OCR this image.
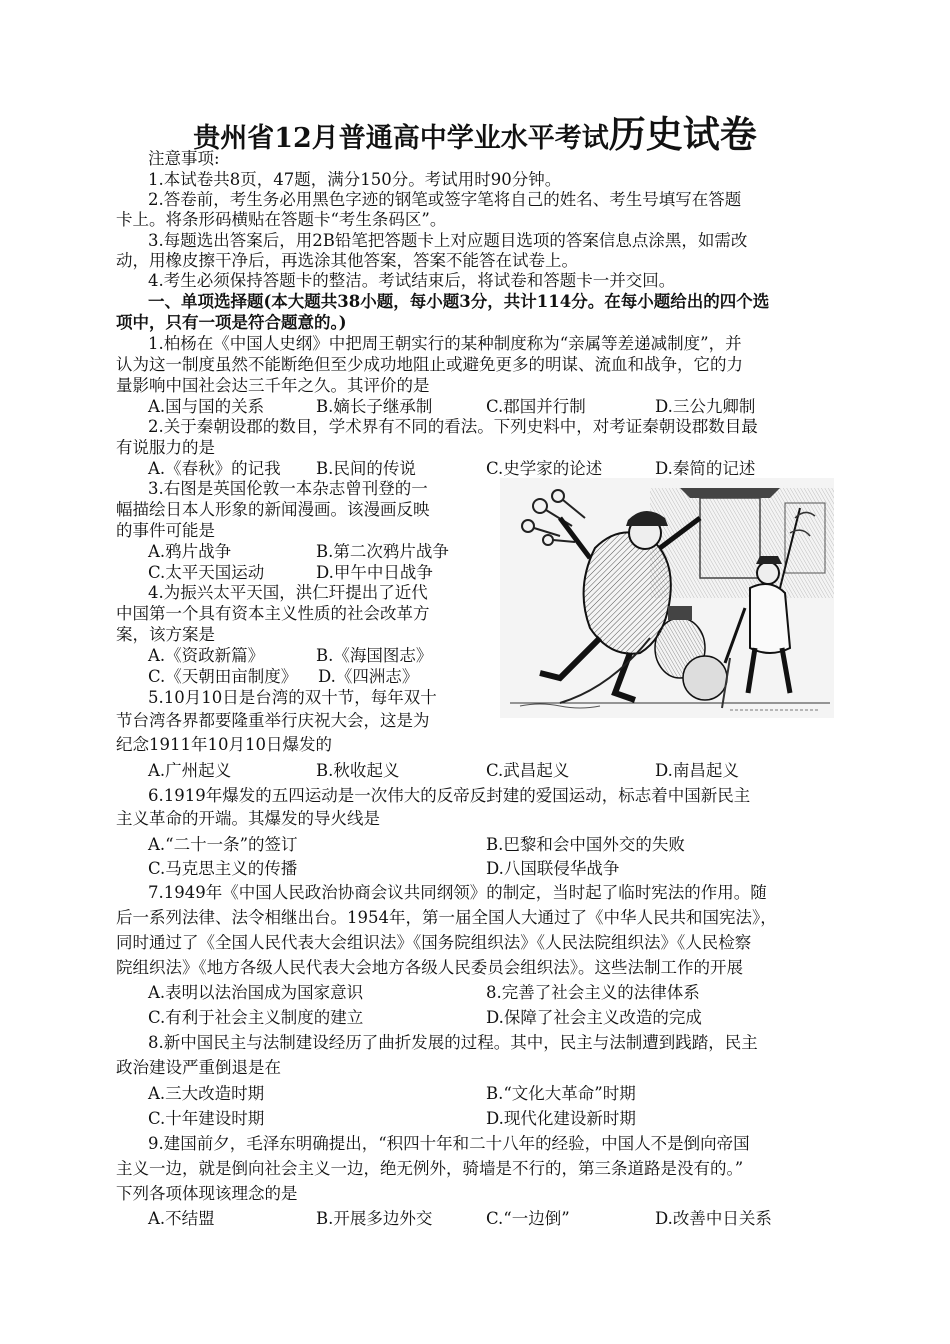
贵州省12月普通高中学业水平考试历史试卷
注意事项:
1.本试卷共8页，47题，满分150分。考试用时90分钟。
2.答卷前，考生务必用黑色字迹的钢笔或签字笔将自己的姓名、考生号填写在答题
卡上。将条形码横贴在答题卡“考生条码区”。
3.每题选出答案后，用2B铅笔把答题卡上对应题目选项的答案信息点涂黑，如需改
动，用橡皮擦干净后，再选涂其他答案，答案不能答在试卷上。
4.考生必须保持答题卡的整洁。考试结束后，将试卷和答题卡一并交回。
一、单项选择题(本大题共38小题，每小题3分，共计114分。在每小题给出的四个选
项中，只有一项是符合题意的。)
1.柏杨在《中国人史纲》中把周王朝实行的某种制度称为“亲属等差递减制度”，并
认为这一制度虽然不能断绝但至少成功地阻止或避免更多的明谋、流血和战争，它的力
量影响中国社会达三千年之久。其评价的是
A.国与国的关系	B.嫡长子继承制	C.郡国并行制	D.三公九卿制
2.关于秦朝设郡的数目，学术界有不同的看法。下列史料中，对考证秦朝设郡数目最
有说服力的是
A.《春秋》的记我 B.民间的传说	C.史学家的论述	D.秦简的记述
3.右图是英国伦敦一本杂志曾刊登的一
幅描绘日本人形象的新闻漫画。该漫画反映
的事件可能是
A.鸦片战争	B.第二次鸦片战争
C.太平天国运动	D.甲午中日战争
4.为振兴太平天国，洪仁玕提出了近代
中国第一个具有资本主义性质的社会改革方
案，该方案是
A.《资政新篇》	B.《海国图志》
C.《天朝田亩制度》 D.《四洲志》
5.10月10日是台湾的双十节，每年双十
节台湾各界都要隆重举行庆祝大会，这是为
纪念1911年10月10日爆发的
A.广州起义	B.秋收起义	C.武昌起义	D.南昌起义
6.1919年爆发的五四运动是一次伟大的反帝反封建的爱国运动，标志着中国新民主
主义革命的开端。其爆发的导火线是
A.“二十一条”的签订	B.巴黎和会中国外交的失败
C.马克思主义的传播	D.八国联侵华战争
7.1949年《中国人民政治协商会议共同纲领》的制定，当时起了临时宪法的作用。随
后一系列法律、法令相继出台。1954年，第一届全国人大通过了《中华人民共和国宪法》，
同时通过了《全国人民代表大会组识法》《国务院组织法》《人民法院组织法》《人民检察
院组织法》《地方各级人民代表大会地方各级人民委员会组织法》。这些法制工作的开展
A.表明以法治国成为国家意识	8.完善了社会主义的法律体系
C.有利于社会主义制度的建立	D.保障了社会主义改造的完成
8.新中国民主与法制建设经历了曲折发展的过程。其中，民主与法制遭到践踏，民主
政治建设严重倒退是在
A.三大改造时期	B.“文化大革命”时期
C.十年建设时期	D.现代化建设新时期
9.建国前夕，毛泽东明确提出，“积四十年和二十八年的经验，中国人不是倒向帝国
主义一边，就是倒向社会主义一边，绝无例外，骑墙是不行的，第三条道路是没有的。”
下列各项体现该理念的是
A.不结盟	B.开展多边外交	C.“一边倒”	D.改善中日关系
